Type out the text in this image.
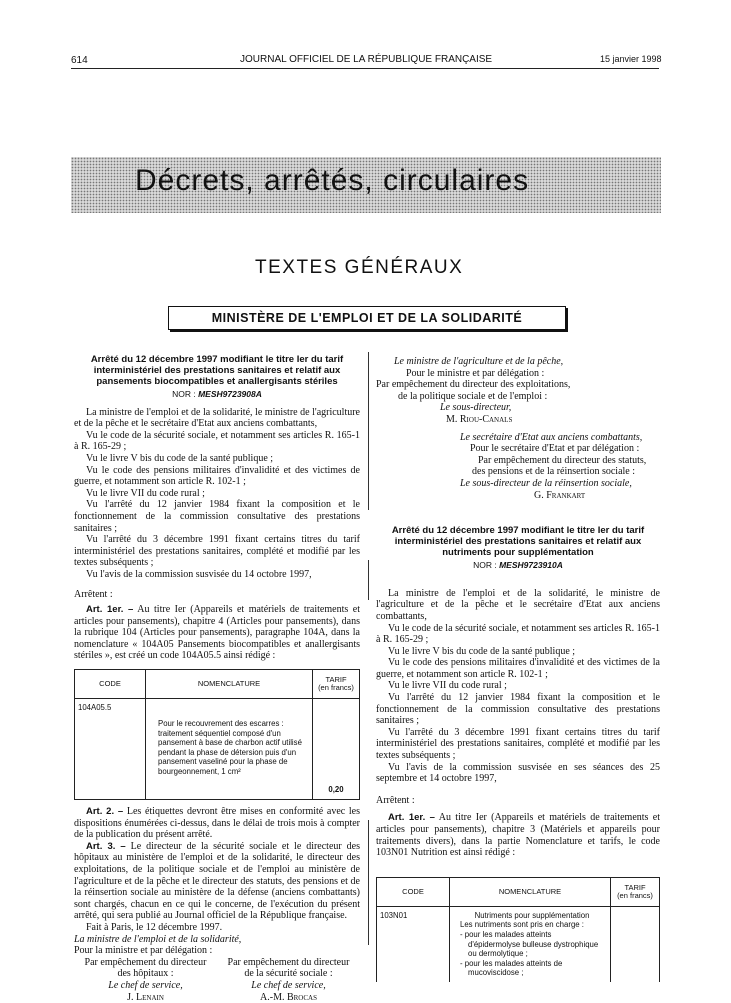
614	JOURNAL OFFICIEL DE LA RÉPUBLIQUE FRANÇAISE	15 janvier 1998
Décrets, arrêtés, circulaires
TEXTES GÉNÉRAUX
MINISTÈRE DE L'EMPLOI ET DE LA SOLIDARITÉ
Arrêté du 12 décembre 1997 modifiant le titre Ier du tarif interministériel des prestations sanitaires et relatif aux pansements biocompatibles et anallergisants stériles
NOR : MESH9723908A

La ministre de l'emploi et de la solidarité, le ministre de l'agriculture et de la pêche et le secrétaire d'Etat aux anciens combattants,

Vu le code de la sécurité sociale, et notamment ses articles R. 165-1 à R. 165-29 ;

Vu le livre V bis du code de la santé publique ;

Vu le code des pensions militaires d'invalidité et des victimes de guerre, et notamment son article R. 102-1 ;

Vu le livre VII du code rural ;

Vu l'arrêté du 12 janvier 1984 fixant la composition et le fonctionnement de la commission consultative des prestations sanitaires ;

Vu l'arrêté du 3 décembre 1991 fixant certains titres du tarif interministériel des prestations sanitaires, complété et modifié par les textes subséquents ;

Vu l'avis de la commission susvisée du 14 octobre 1997,

Arrêtent :

Art. 1er. – Au titre Ier (Appareils et matériels de traitements et articles pour pansements), chapitre 4 (Articles pour pansements), dans la rubrique 104 (Articles pour pansements), paragraphe 104A, dans la nomenclature « 104A05 Pansements biocompatibles et anallergisants stériles », est créé un code 104A05.5 ainsi rédigé :

CODE	NOMENCLATURE	TARIF
(en francs)
104A05.5	Pour le recouvrement des escarres : traitement séquentiel composé d'un pansement à base de charbon actif utilisé pendant la phase de détersion puis d'un pansement vaseliné pour la phase de bourgeonnement, 1 cm²	0,20

Art. 2. – Les étiquettes devront être mises en conformité avec les dispositions énumérées ci-dessus, dans le délai de trois mois à compter de la publication du présent arrêté.

Art. 3. – Le directeur de la sécurité sociale et le directeur des hôpitaux au ministère de l'emploi et de la solidarité, le directeur des exploitations, de la politique sociale et de l'emploi au ministère de l'agriculture et de la pêche et le directeur des statuts, des pensions et de la réinsertion sociale au ministère de la défense (anciens combattants) sont chargés, chacun en ce qui le concerne, de l'exécution du présent arrêté, qui sera publié au Journal officiel de la République française.

Fait à Paris, le 12 décembre 1997.

La ministre de l'emploi et de la solidarité,

Pour la ministre et par délégation :

Par empêchement du directeur
des hôpitaux :
Le chef de service,
J. Lenain
Par empêchement du directeur
de la sécurité sociale :
Le chef de service,
A.-M. Brocas
Le ministre de l'agriculture et de la pêche,
Pour le ministre et par délégation :
Par empêchement du directeur des exploitations,
de la politique sociale et de l'emploi :
Le sous-directeur,
M. Riou-Canals
Le secrétaire d'Etat aux anciens combattants,
Pour le secrétaire d'Etat et par délégation :
Par empêchement du directeur des statuts,
des pensions et de la réinsertion sociale :
Le sous-directeur de la réinsertion sociale,
G. Frankart
Arrêté du 12 décembre 1997 modifiant le titre Ier du tarif interministériel des prestations sanitaires et relatif aux nutriments pour supplémentation
NOR : MESH9723910A

La ministre de l'emploi et de la solidarité, le ministre de l'agriculture et de la pêche et le secrétaire d'Etat aux anciens combattants,

Vu le code de la sécurité sociale, et notamment ses articles R. 165-1 à R. 165-29 ;

Vu le livre V bis du code de la santé publique ;

Vu le code des pensions militaires d'invalidité et des victimes de la guerre, et notamment son article R. 102-1 ;

Vu le livre VII du code rural ;

Vu l'arrêté du 12 janvier 1984 fixant la composition et le fonctionnement de la commission consultative des prestations sanitaires ;

Vu l'arrêté du 3 décembre 1991 fixant certains titres du tarif interministériel des prestations sanitaires, complété et modifié par les textes subséquents ;

Vu l'avis de la commission susvisée en ses séances des 25 septembre et 14 octobre 1997,

Arrêtent :

Art. 1er. – Au titre Ier (Appareils et matériels de traitements et articles pour pansements), chapitre 3 (Matériels et appareils pour traitements divers), dans la partie Nomenclature et tarifs, le code 103N01 Nutrition est ainsi rédigé :

CODE	NOMENCLATURE	TARIF
(en francs)
103N01	Nutriments pour supplémentation
Les nutriments sont pris en charge :
- pour les malades atteints d'épidermolyse bulleuse dystrophique ou dermolytique ;
- pour les malades atteints de mucoviscidose ;	
